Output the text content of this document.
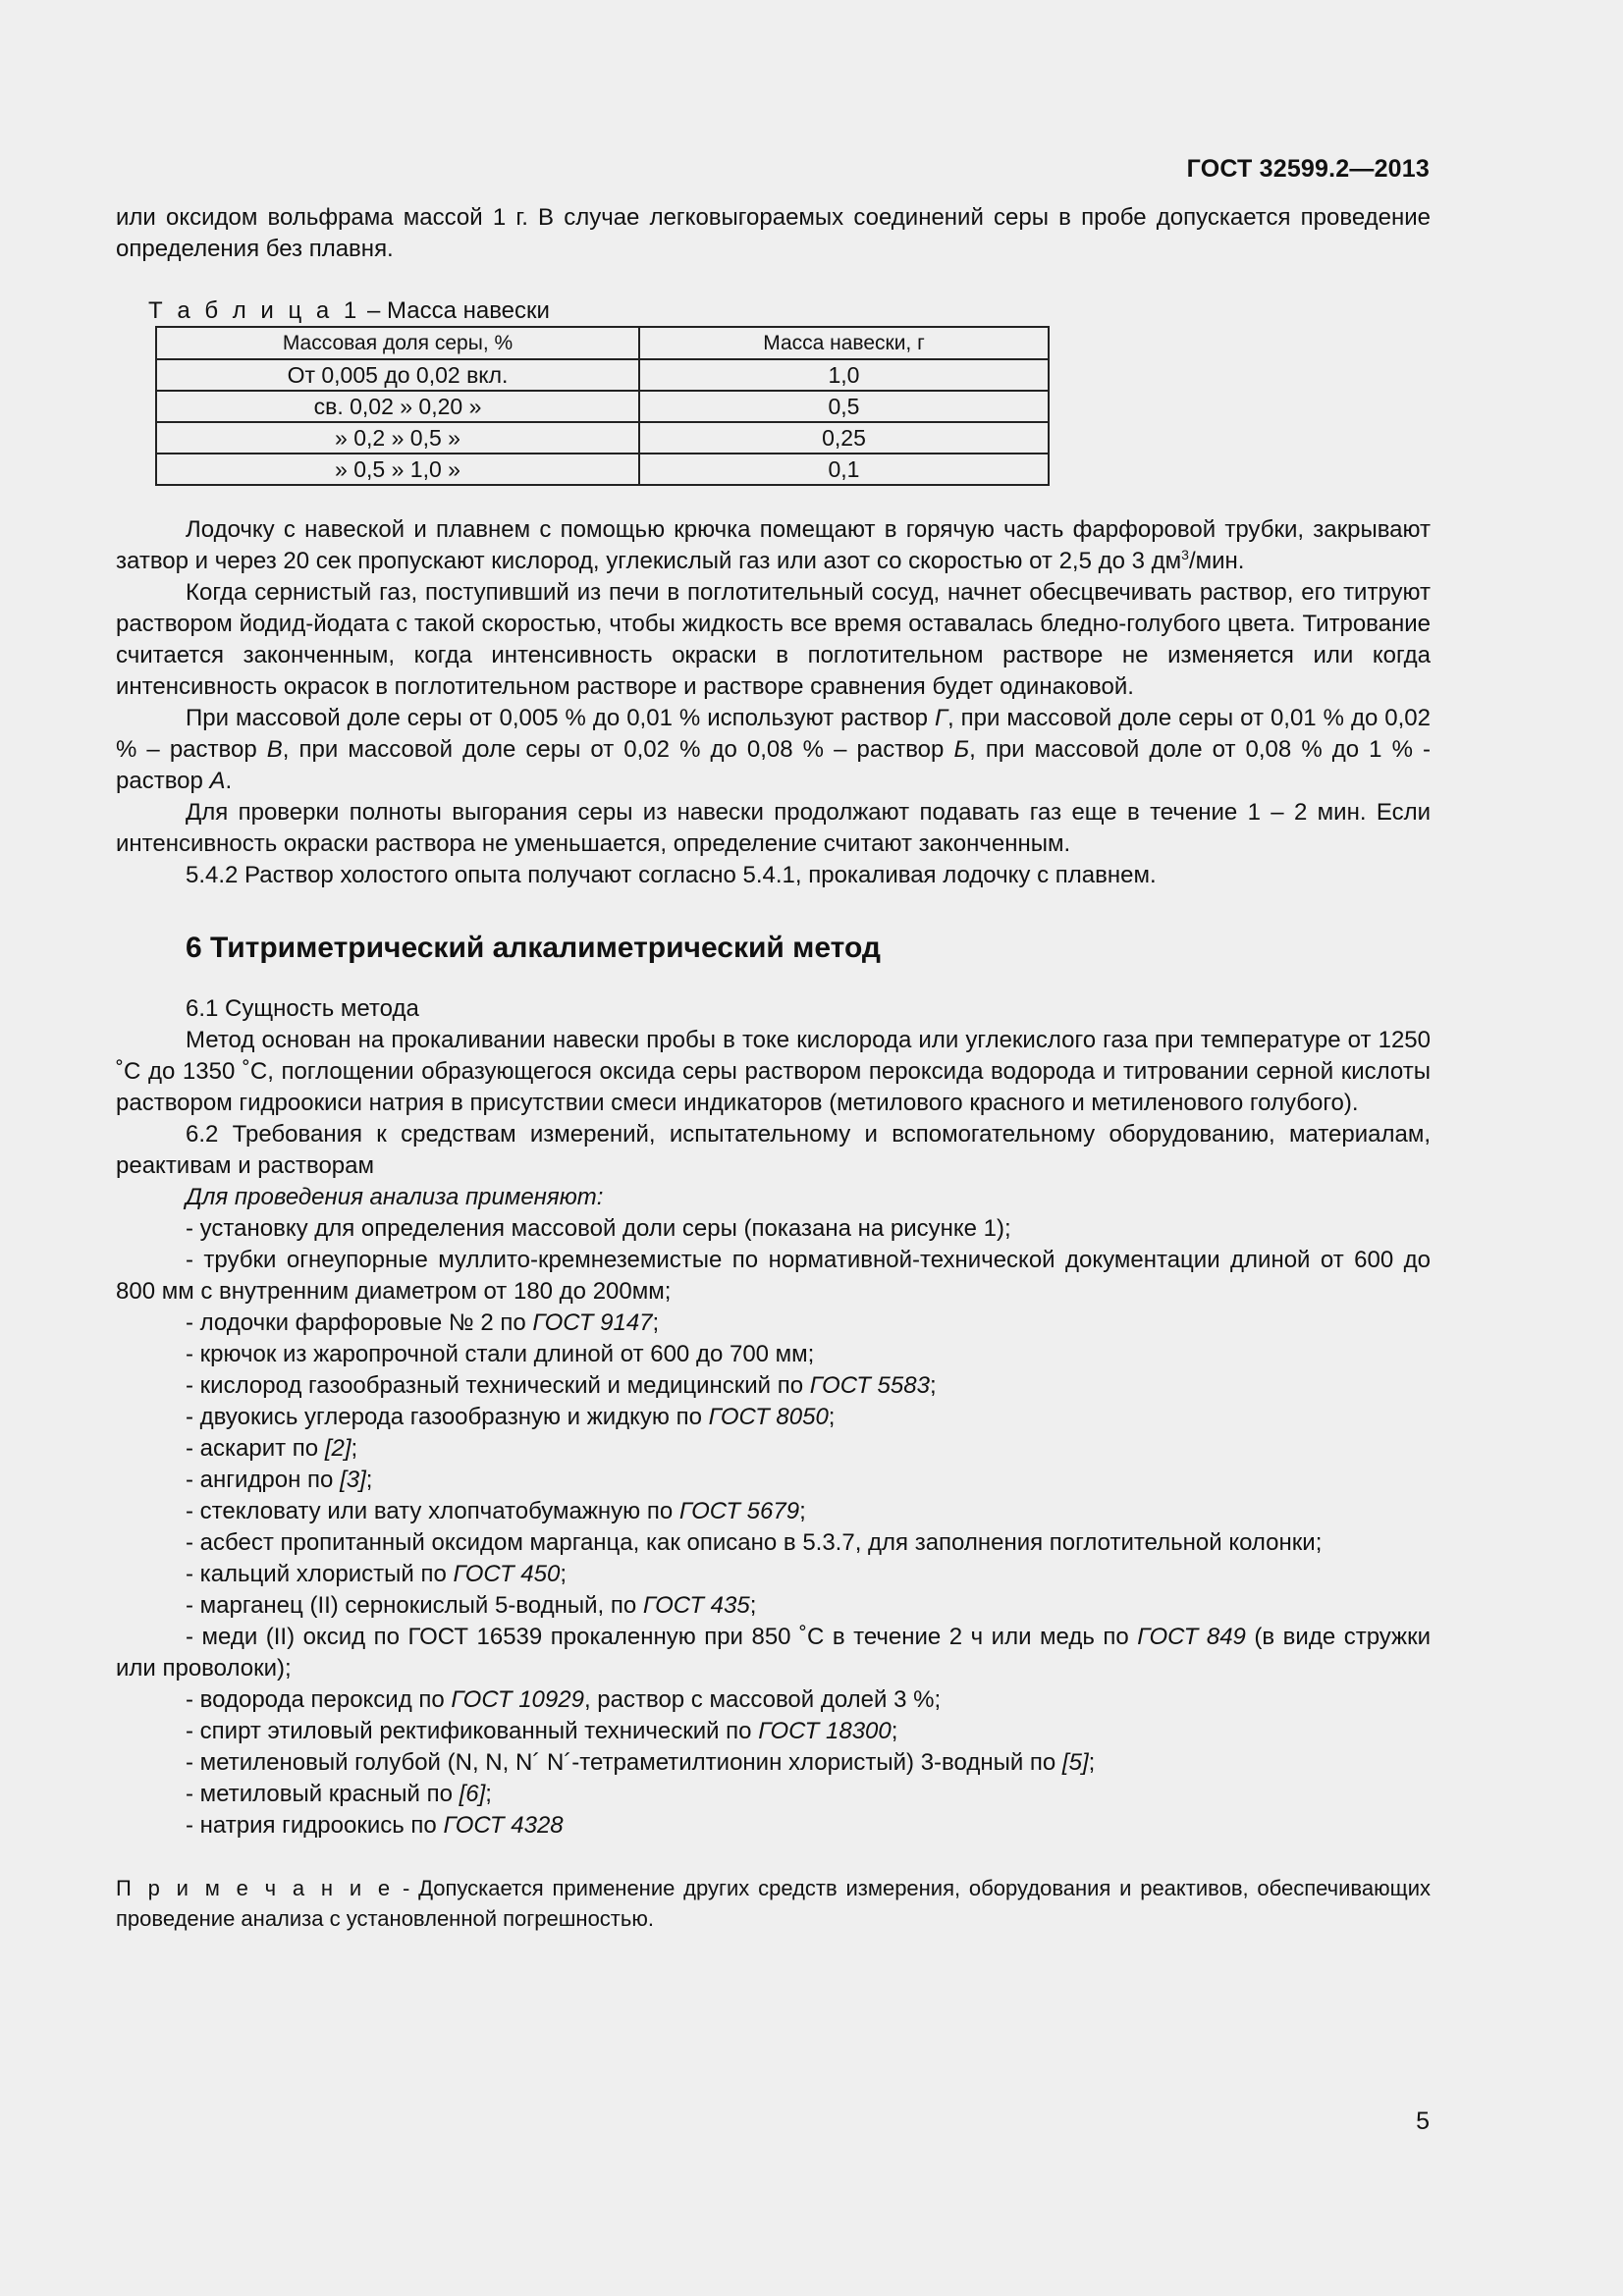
ГОСТ 32599.2—2013

или оксидом вольфрама массой 1 г. В случае легковыгораемых соединений серы в пробе допускается проведение определения без плавня.

Т а б л и ц а 1 – Масса навески

Массовая доля серы, %	Масса навески, г
От 0,005 до 0,02 вкл.	1,0
св. 0,02 » 0,20 »	0,5
» 0,2 » 0,5 »	0,25
» 0,5 » 1,0 »	0,1

Лодочку с навеской и плавнем с помощью крючка помещают в горячую часть фарфоровой трубки, закрывают затвор и через 20 сек пропускают кислород, углекислый газ или азот со скоростью от 2,5 до 3 $дм^3$/мин.

Когда сернистый газ, поступивший из печи в поглотительный сосуд, начнет обесцвечивать раствор, его титруют раствором йодид-йодата с такой скоростью, чтобы жидкость все время оставалась бледно-голубого цвета. Титрование считается законченным, когда интенсивность окраски в поглотительном растворе не изменяется или когда интенсивность окрасок в поглотительном растворе и растворе сравнения будет одинаковой.

При массовой доле серы от 0,005 % до 0,01 % используют раствор Г, при массовой доле серы от 0,01 % до 0,02 % – раствор В, при массовой доле серы от 0,02 % до 0,08 % – раствор Б, при массовой доле от 0,08 % до 1 % - раствор А.

Для проверки полноты выгорания серы из навески продолжают подавать газ еще в течение 1 – 2 мин. Если интенсивность окраски раствора не уменьшается, определение считают законченным.

5.4.2 Раствор холостого опыта получают согласно 5.4.1, прокаливая лодочку с плавнем.

6 Титриметрический алкалиметрический метод

6.1 Сущность метода

Метод основан на прокаливании навески пробы в токе кислорода или углекислого газа при температуре от 1250 ˚С до 1350 ˚С, поглощении образующегося оксида серы раствором пероксида водорода и титровании серной кислоты раствором гидроокиси натрия в присутствии смеси индикаторов (метилового красного и метиленового голубого).

6.2 Требования к средствам измерений, испытательному и вспомогательному оборудованию, материалам, реактивам и растворам

Для проведения анализа применяют:

- установку для определения массовой доли серы (показана на рисунке 1);

- трубки огнеупорные муллито-кремнеземистые по нормативной-технической документации длиной от 600 до 800 мм с внутренним диаметром от 180 до 200мм;

- лодочки фарфоровые № 2 по ГОСТ 9147;

- крючок из жаропрочной стали длиной от 600 до 700 мм;

- кислород газообразный технический и медицинский по ГОСТ 5583;

- двуокись углерода газообразную и жидкую по ГОСТ 8050;

- аскарит по [2];

- ангидрон по [3];

- стекловату или вату хлопчатобумажную по ГОСТ 5679;

- асбест пропитанный оксидом марганца, как описано в 5.3.7, для заполнения поглотительной колонки;

- кальций хлористый по ГОСТ 450;

- марганец (II) сернокислый 5-водный, по ГОСТ 435;

- меди (II) оксид по ГОСТ 16539 прокаленную при 850 ˚С в течение 2 ч или медь по ГОСТ 849 (в виде стружки или проволоки);

- водорода пероксид по ГОСТ 10929, раствор с массовой долей 3 %;

- спирт этиловый ректификованный технический по ГОСТ 18300;

- метиленовый голубой (N, N, N´ N´-тетраметилтионин хлористый) 3-водный по [5];

- метиловый красный по [6];

- натрия гидроокись по ГОСТ 4328

П р и м е ч а н и е - Допускается применение других средств измерения, оборудования и реактивов, обеспечивающих проведение анализа с установленной погрешностью.

5
